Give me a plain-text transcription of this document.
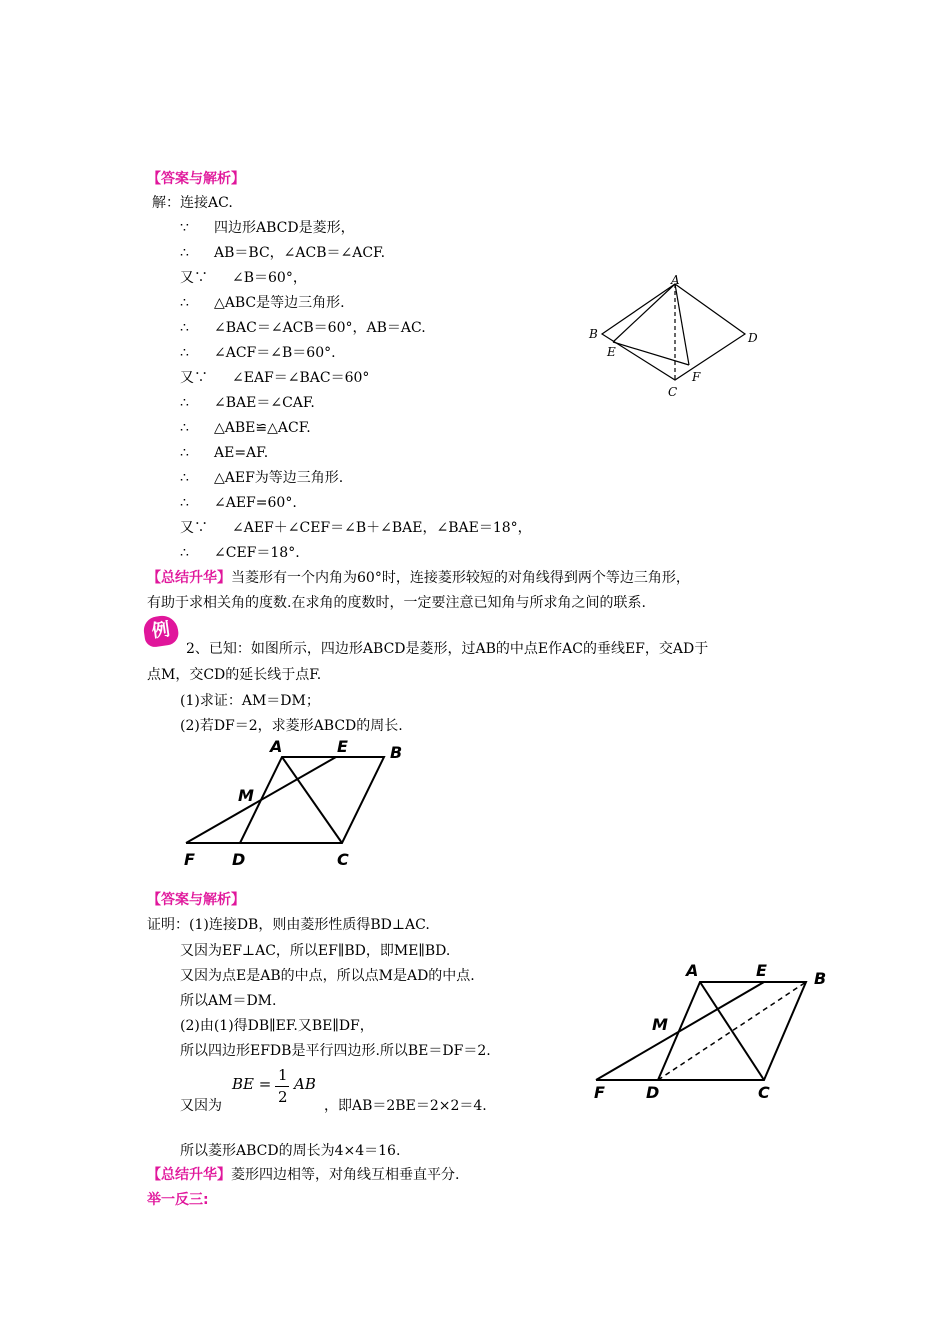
【答案与解析】
解：连接AC.
∵ 四边形ABCD是菱形，
∴ AB＝BC，∠ACB＝∠ACF.
又∵ ∠B＝60°，
∴ △ABC是等边三角形.
∴ ∠BAC＝∠ACB＝60°，AB＝AC.
∴ ∠ACF＝∠B＝60°.
又∵ ∠EAF＝∠BAC＝60°
∴ ∠BAE＝∠CAF.
∴ △ABE≌△ACF.
∴ AE=AF.
∴ △AEF为等边三角形.
∴ ∠AEF=60°.
又∵ ∠AEF＋∠CEF＝∠B＋∠BAE，∠BAE＝18°，
∴ ∠CEF＝18°.
【总结升华】当菱形有一个内角为60°时，连接菱形较短的对角线得到两个等边三角形，
有助于求相关角的度数.在求角的度数时，一定要注意已知角与所求角之间的联系.
A
B	D
E
F
C
例
2、已知：如图所示，四边形ABCD是菱形，过AB的中点E作AC的垂线EF，交AD于
点M，交CD的延长线于点F.
(1)求证：AM＝DM；
(2)若DF＝2，求菱形ABCD的周长.
A	E	B
M
F D	C
【答案与解析】
证明：(1)连接DB，则由菱形性质得BD⊥AC.
又因为EF⊥AC，所以EF∥BD，即ME∥BD.
又因为点E是AB的中点，所以点M是AD的中点.
所以AM＝DM.
(2)由(1)得DB∥EF.又BE∥DF，
所以四边形EFDB是平行四边形.所以BE＝DF＝2.
又因为
BE = 1
2
AB
，即AB＝2BE＝2×2＝4.
所以菱形ABCD的周长为4×4＝16.
【总结升华】菱形四边相等，对角线互相垂直平分.
举一反三:
A	E	B
M
F	D	C
